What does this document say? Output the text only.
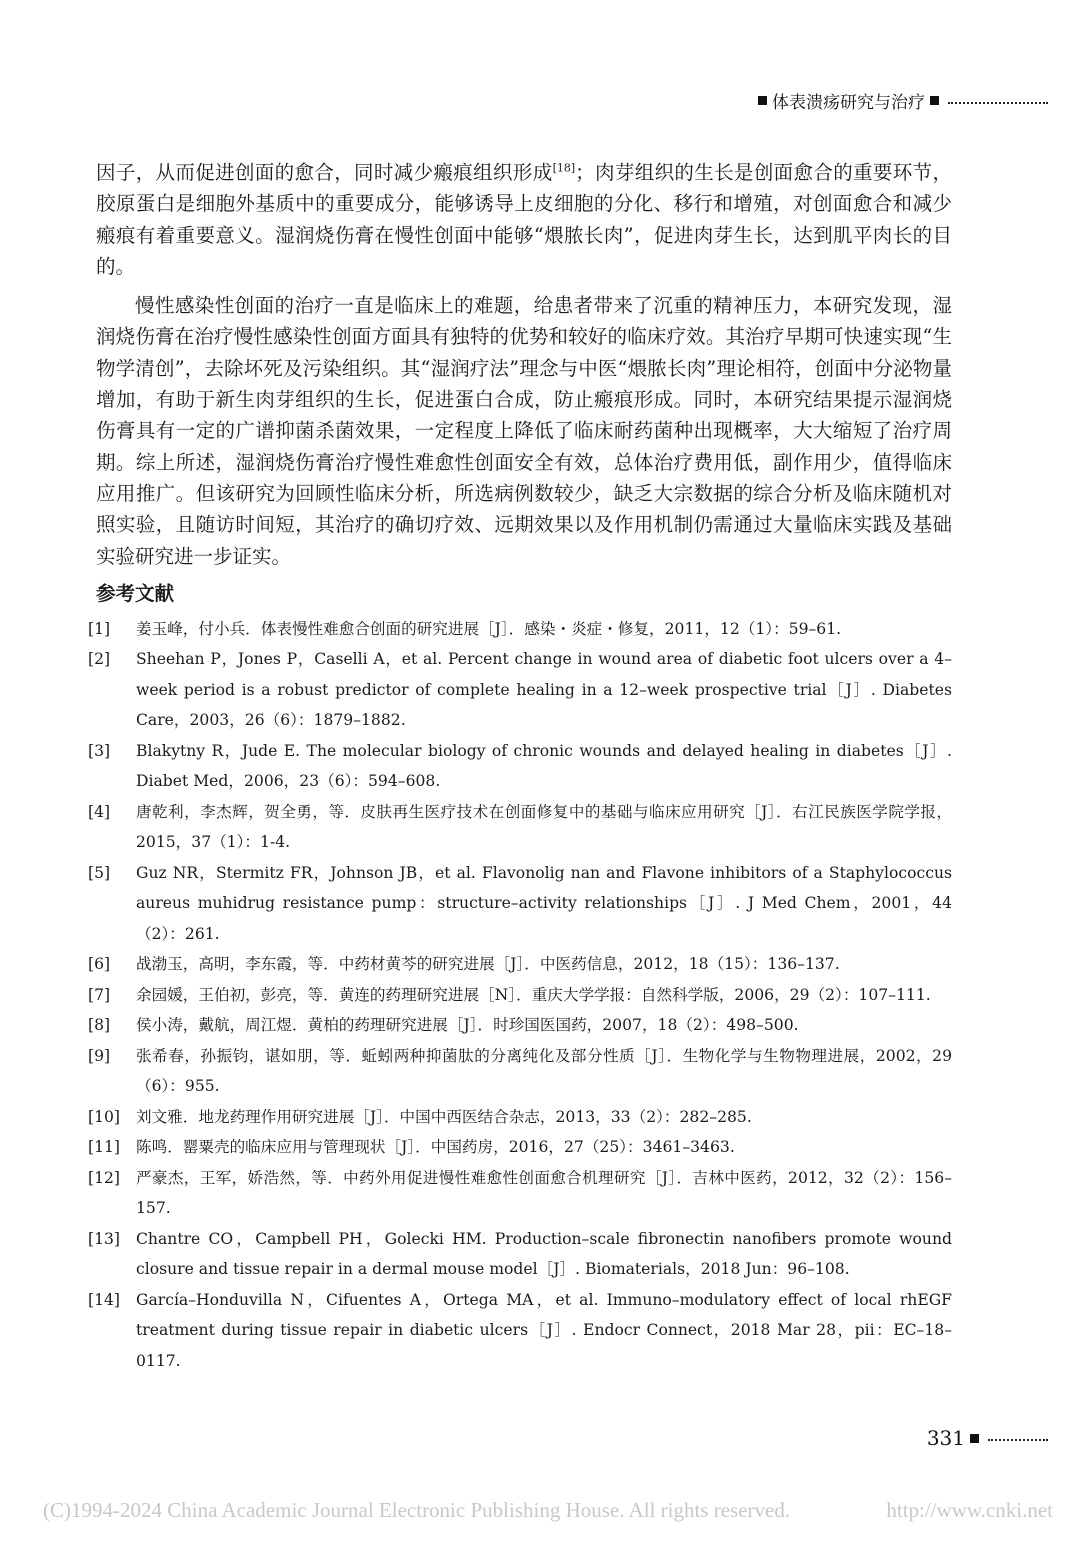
体表溃疡研究与治疗

因子，从而促进创面的愈合，同时减少瘢痕组织形成[18]；肉芽组织的生长是创面愈合的重要环节，胶原蛋白是细胞外基质中的重要成分，能够诱导上皮细胞的分化、移行和增殖，对创面愈合和减少瘢痕有着重要意义。湿润烧伤膏在慢性创面中能够“煨脓长肉”，促进肉芽生长，达到肌平肉长的目的。

慢性感染性创面的治疗一直是临床上的难题，给患者带来了沉重的精神压力，本研究发现，湿润烧伤膏在治疗慢性感染性创面方面具有独特的优势和较好的临床疗效。其治疗早期可快速实现“生物学清创”，去除坏死及污染组织。其“湿润疗法”理念与中医“煨脓长肉”理论相符，创面中分泌物量增加，有助于新生肉芽组织的生长，促进蛋白合成，防止瘢痕形成。同时，本研究结果提示湿润烧伤膏具有一定的广谱抑菌杀菌效果，一定程度上降低了临床耐药菌种出现概率，大大缩短了治疗周期。综上所述，湿润烧伤膏治疗慢性难愈性创面安全有效，总体治疗费用低，副作用少，值得临床应用推广。但该研究为回顾性临床分析，所选病例数较少，缺乏大宗数据的综合分析及临床随机对照实验，且随访时间短，其治疗的确切疗效、远期效果以及作用机制仍需通过大量临床实践及基础实验研究进一步证实。

参考文献
[1]	姜玉峰，付小兵．体表慢性难愈合创面的研究进展［J］．感染・炎症・修复，2011，12（1）：59–61.
[2]	Sheehan P，Jones P，Caselli A，et al. Percent change in wound area of diabetic foot ulcers over a 4–week period is a robust predictor of complete healing in a 12–week prospective trial［J］. Diabetes Care，2003，26（6）：1879–1882.
[3]	Blakytny R，Jude E. The molecular biology of chronic wounds and delayed healing in diabetes［J］. Diabet Med，2006，23（6）：594–608.
[4]	唐乾利，李杰辉，贺全勇，等．皮肤再生医疗技术在创面修复中的基础与临床应用研究［J］．右江民族医学院学报，2015，37（1）：1-4.
[5]	Guz NR，Stermitz FR，Johnson JB，et al. Flavonolig nan and Flavone inhibitors of a Staphylococcus aureus muhidrug resistance pump：structure–activity relationships［J］. J Med Chem，2001，44（2）：261.
[6]	战渤玉，高明，李东霞，等．中药材黄芩的研究进展［J］．中医药信息，2012，18（15）：136–137.
[7]	余园媛，王伯初，彭亮，等．黄连的药理研究进展［N］．重庆大学学报：自然科学版，2006，29（2）：107–111.
[8]	侯小涛，戴航，周江煜．黄柏的药理研究进展［J］．时珍国医国药，2007，18（2）：498–500.
[9]	张希春，孙振钧，谌如朋，等．蚯蚓两种抑菌肽的分离纯化及部分性质［J］．生物化学与生物物理进展，2002，29（6）：955.
[10]	刘文雅．地龙药理作用研究进展［J］．中国中西医结合杂志，2013，33（2）：282–285.
[11]	陈鸣．罂粟壳的临床应用与管理现状［J］．中国药房，2016，27（25）：3461–3463.
[12]	严豪杰，王军，娇浩然，等．中药外用促进慢性难愈性创面愈合机理研究［J］．吉林中医药，2012，32（2）：156–157.
[13]	Chantre CO，Campbell PH，Golecki HM. Production–scale fibronectin nanofibers promote wound closure and tissue repair in a dermal mouse model［J］. Biomaterials，2018 Jun：96–108.
[14]	García–Honduvilla N，Cifuentes A，Ortega MA，et al. Immuno–modulatory effect of local rhEGF treatment during tissue repair in diabetic ulcers［J］. Endocr Connect，2018 Mar 28，pii：EC–18–0117.
331
(C)1994-2024 China Academic Journal Electronic Publishing House. All rights reserved.	http://www.cnki.net
